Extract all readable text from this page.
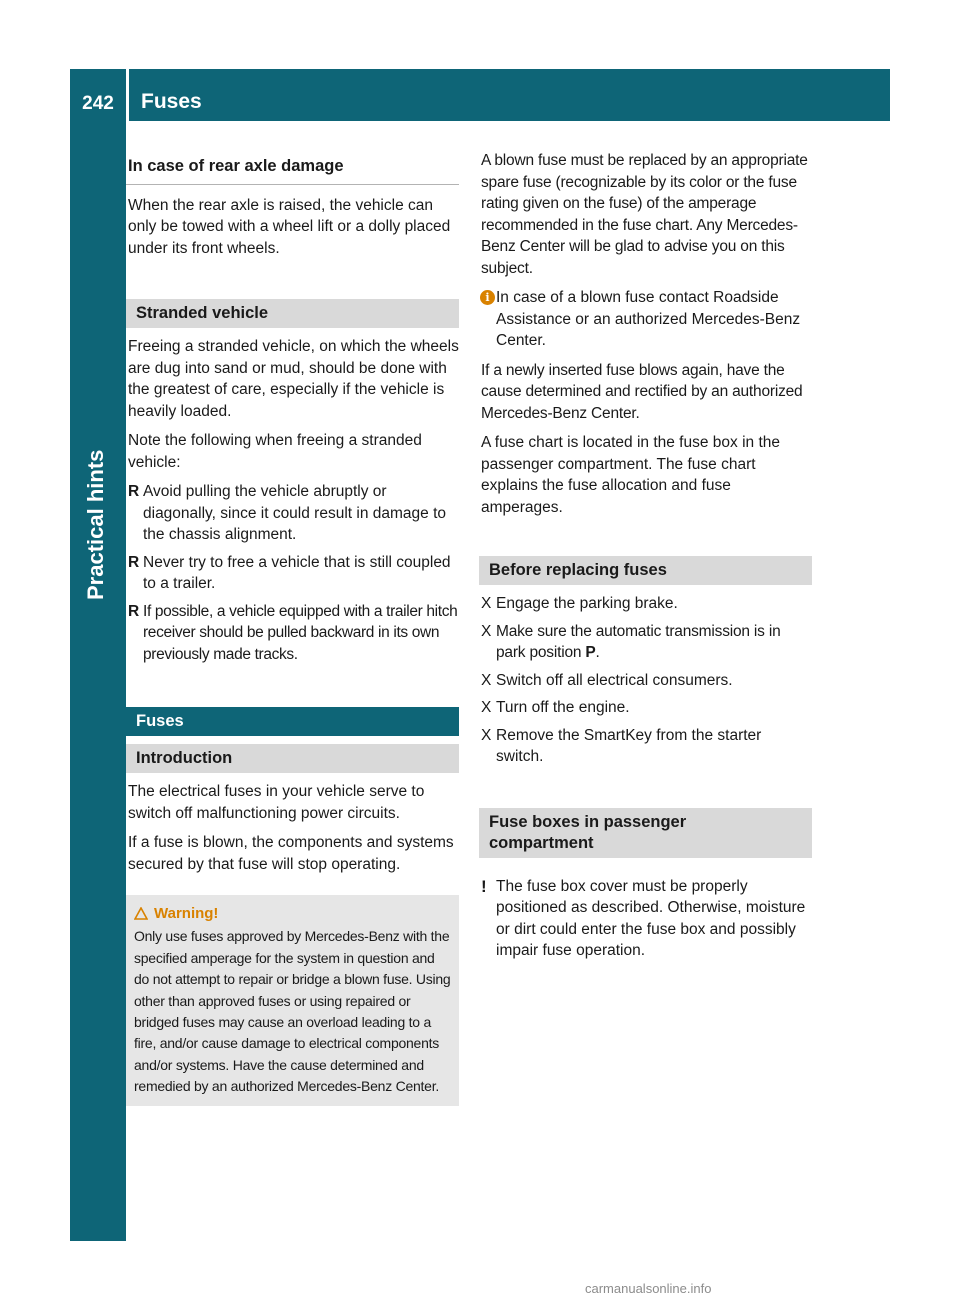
242	Fuses
Practical hints
In case of rear axle damage

When the rear axle is raised, the vehicle can only be towed with a wheel lift or a dolly placed under its front wheels.

Stranded vehicle

Freeing a stranded vehicle, on which the wheels are dug into sand or mud, should be done with the greatest of care, especially if the vehicle is heavily loaded.

Note the following when freeing a stranded vehicle:

R Avoid pulling the vehicle abruptly or diagonally, since it could result in damage to the chassis alignment.
R Never try to free a vehicle that is still coupled to a trailer.
R If possible, a vehicle equipped with a trailer hitch receiver should be pulled backward in its own previously made tracks.
Fuses
Introduction

The electrical fuses in your vehicle serve to switch off malfunctioning power circuits.

If a fuse is blown, the components and systems secured by that fuse will stop operating.

Warning!
Only use fuses approved by Mercedes-Benz with the specified amperage for the system in question and do not attempt to repair or bridge a blown fuse. Using other than approved fuses or using repaired or bridged fuses may cause an overload leading to a fire, and/or cause damage to electrical components and/or systems. Have the cause determined and remedied by an authorized Mercedes-Benz Center.

A blown fuse must be replaced by an appropriate spare fuse (recognizable by its color or the fuse rating given on the fuse) of the amperage recommended in the fuse chart. Any Mercedes-Benz Center will be glad to advise you on this subject.

i In case of a blown fuse contact Roadside Assistance or an authorized Mercedes-Benz Center.

If a newly inserted fuse blows again, have the cause determined and rectified by an authorized Mercedes-Benz Center.

A fuse chart is located in the fuse box in the passenger compartment. The fuse chart explains the fuse allocation and fuse amperages.

Before replacing fuses
X Engage the parking brake.
X Make sure the automatic transmission is in park position P.
X Switch off all electrical consumers.
X Turn off the engine.
X Remove the SmartKey from the starter switch.
Fuse boxes in passenger compartment
! The fuse box cover must be properly positioned as described. Otherwise, moisture or dirt could enter the fuse box and possibly impair fuse operation.
carmanualsonline.info
